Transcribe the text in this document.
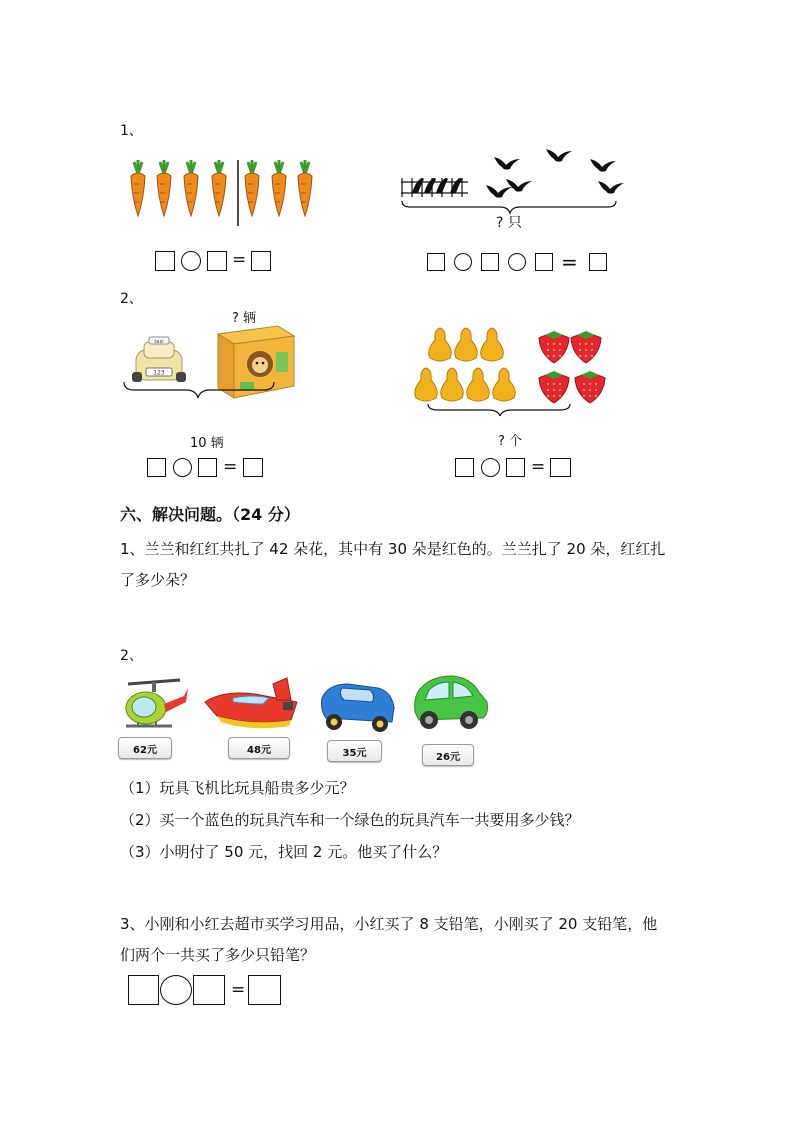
1、
? 只
=	=
2、
? 辆
taxi
123
10 辆	? 个
=	=
六、解决问题。（24 分）
1、兰兰和红红共扎了 42 朵花，其中有 30 朵是红色的。兰兰扎了 20 朵，红红扎
了多少朵？
2、
62元	48元	35元	26元
（1）玩具飞机比玩具船贵多少元？
（2）买一个蓝色的玩具汽车和一个绿色的玩具汽车一共要用多少钱？
（3）小明付了 50 元，找回 2 元。他买了什么？
3、小刚和小红去超市买学习用品，小红买了 8 支铅笔，小刚买了 20 支铅笔，他
们两个一共买了多少只铅笔？
=
